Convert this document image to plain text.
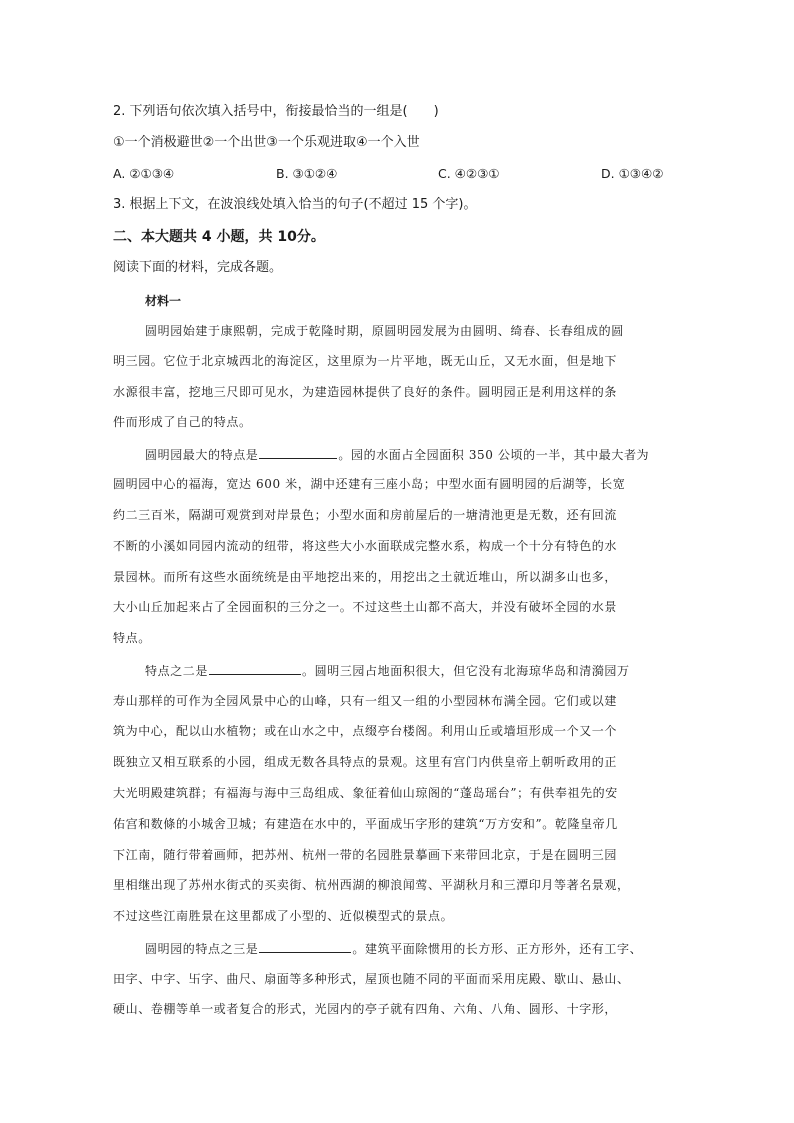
2. 下列语句依次填入括号中，衔接最恰当的一组是(　　)
①一个消极避世②一个出世③一个乐观进取④一个入世
A. ②①③④	B. ③①②④	C. ④②③①	D. ①③④②
3. 根据上下文，在波浪线处填入恰当的句子(不超过 15 个字)。
二、本大题共 4 小题，共 10分。
阅读下面的材料，完成各题。
材料一
圆明园始建于康熙朝，完成于乾隆时期，原圆明园发展为由圆明、绮春、长春组成的圆
明三园。它位于北京城西北的海淀区，这里原为一片平地，既无山丘，又无水面，但是地下
水源很丰富，挖地三尺即可见水，为建造园林提供了良好的条件。圆明园正是利用这样的条
件而形成了自己的特点。
圆明园最大的特点是	。园的水面占全园面积 350 公顷的一半，其中最大者为
圆明园中心的福海，宽达 600 米，湖中还建有三座小岛；中型水面有圆明园的后湖等，长宽
约二三百米，隔湖可观赏到对岸景色；小型水面和房前屋后的一塘清池更是无数，还有回流
不断的小溪如同园内流动的纽带，将这些大小水面联成完整水系，构成一个十分有特色的水
景园林。而所有这些水面统统是由平地挖出来的，用挖出之土就近堆山，所以湖多山也多，
大小山丘加起来占了全园面积的三分之一。不过这些土山都不高大，并没有破坏全园的水景
特点。
特点之二是	。圆明三园占地面积很大，但它没有北海琼华岛和清漪园万
寿山那样的可作为全园风景中心的山峰，只有一组又一组的小型园林布满全园。它们或以建
筑为中心，配以山水植物；或在山水之中，点缀亭台楼阁。利用山丘或墙垣形成一个又一个
既独立又相互联系的小园，组成无数各具特点的景观。这里有宫门内供皇帝上朝听政用的正
大光明殿建筑群；有福海与海中三岛组成、象征着仙山琼阁的“蓬岛瑶台”；有供奉祖先的安
佑宫和数條的小城舍卫城；有建造在水中的，平面成卐字形的建筑“万方安和”。乾隆皇帝几
下江南，随行带着画师，把苏州、杭州一带的名园胜景摹画下来带回北京，于是在圆明三园
里相继出现了苏州水街式的买卖街、杭州西湖的柳浪闻莺、平湖秋月和三潭印月等著名景观，
不过这些江南胜景在这里都成了小型的、近似模型式的景点。
圆明园的特点之三是	。建筑平面除惯用的长方形、正方形外，还有工字、
田字、中字、卐字、曲尺、扇面等多种形式，屋顶也随不同的平面而采用庑殿、歇山、悬山、
硬山、卷棚等单一或者复合的形式，光园内的亭子就有四角、六角、八角、圆形、十字形，
